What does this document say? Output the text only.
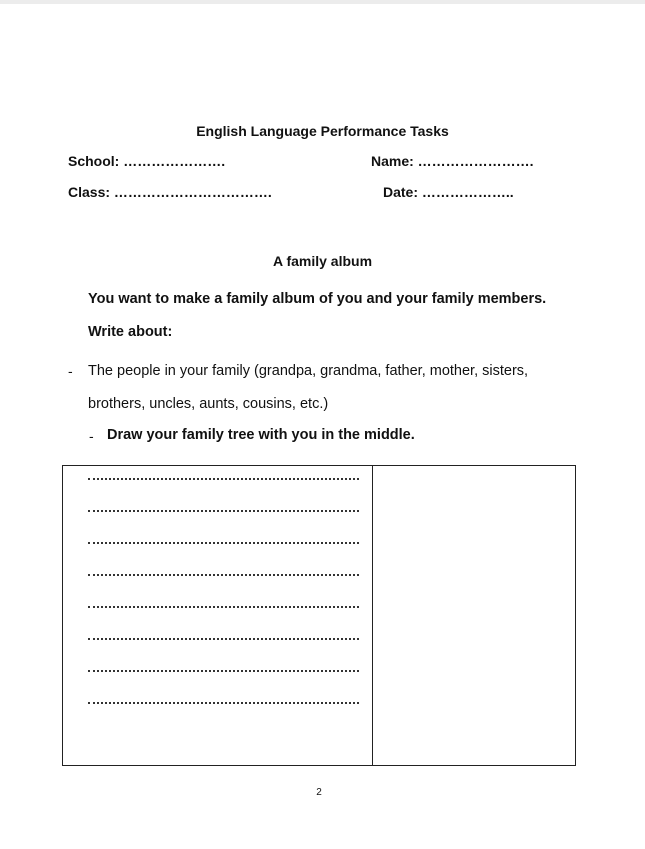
English Language Performance Tasks
School: ………………….	Name: …………………….
Class: …………………………….	Date: ………………..
A family album
You want to make a family album of you and your family members.
Write about:
- The people in your family (grandpa, grandma, father, mother, sisters,
brothers, uncles, aunts, cousins, etc.)
- Draw your family tree with you in the middle.
2
